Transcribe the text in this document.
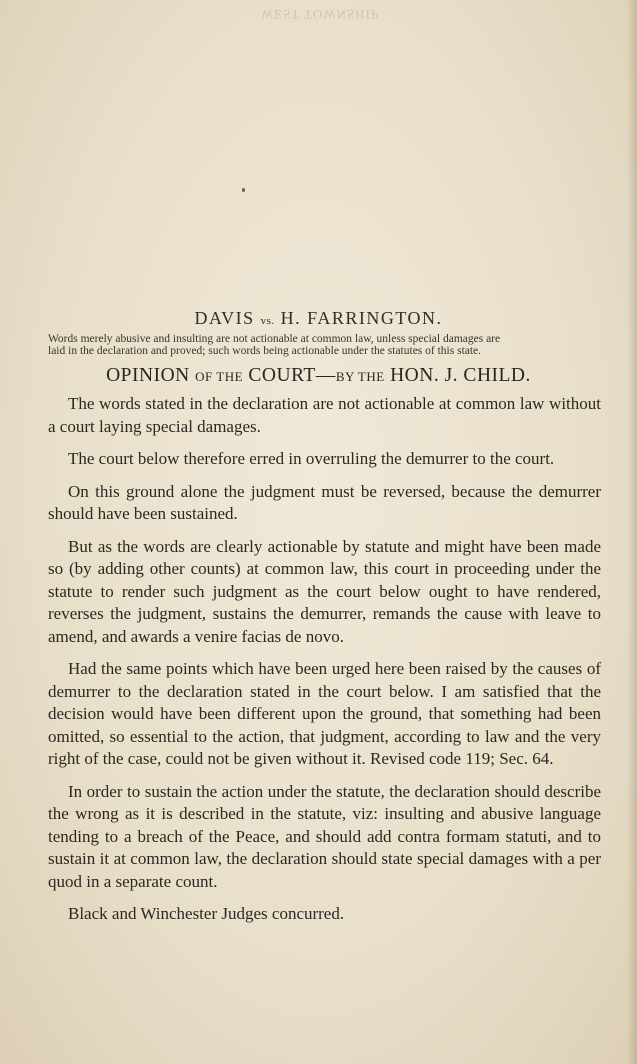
WEST TOWNSHIP
DAVIS vs. H. FARRINGTON.
Words merely abusive and insulting are not actionable at common law, unless special damages are
laid in the declaration and proved; such words being actionable under the statutes of this state.
OPINION OF THE COURT—BY THE HON. J. CHILD.

The words stated in the declaration are not actionable at common law without a court laying special damages.

The court below therefore erred in overruling the demurrer to the court.

On this ground alone the judgment must be reversed, because the demurrer should have been sustained.

But as the words are clearly actionable by statute and might have been made so (by adding other counts) at common law, this court in proceeding under the statute to render such judgment as the court below ought to have rendered, reverses the judgment, sustains the demurrer, remands the cause with leave to amend, and awards a venire facias de novo.

Had the same points which have been urged here been raised by the causes of demurrer to the declaration stated in the court below. I am satisfied that the decision would have been different upon the ground, that something had been omitted, so essential to the action, that judgment, according to law and the very right of the case, could not be given without it. Revised code 119; Sec. 64.

In order to sustain the action under the statute, the declaration should describe the wrong as it is described in the statute, viz: insulting and abusive language tending to a breach of the Peace, and should add contra formam statuti, and to sustain it at common law, the declaration should state special damages with a per quod in a separate count.

Black and Winchester Judges concurred.
